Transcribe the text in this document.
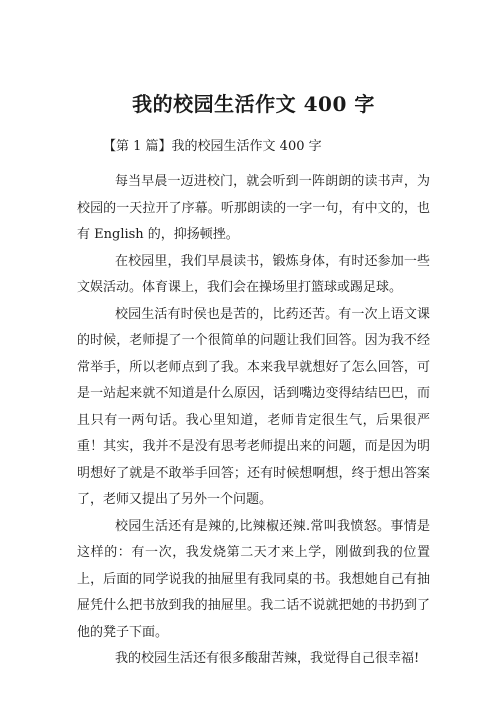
我的校园生活作文 400 字

【第 1 篇】我的校园生活作文 400 字

每当早晨一迈进校门，就会听到一阵朗朗的读书声，为校园的一天拉开了序幕。听那朗读的一字一句，有中文的，也有 English 的，抑扬顿挫。

在校园里，我们早晨读书，锻炼身体，有时还参加一些文娱活动。体育课上，我们会在操场里打篮球或踢足球。

校园生活有时侯也是苦的，比药还苦。有一次上语文课的时候，老师提了一个很简单的问题让我们回答。因为我不经常举手，所以老师点到了我。本来我早就想好了怎么回答，可是一站起来就不知道是什么原因，话到嘴边变得结结巴巴，而且只有一两句话。我心里知道，老师肯定很生气，后果很严重！其实，我并不是没有思考老师提出来的问题，而是因为明明想好了就是不敢举手回答；还有时候想啊想，终于想出答案了，老师又提出了另外一个问题。

校园生活还有是辣的,比辣椒还辣.常叫我愤怒。事情是这样的：有一次，我发烧第二天才来上学，刚做到我的位置上，后面的同学说我的抽屉里有我同桌的书。我想她自己有抽屉凭什么把书放到我的抽屉里。我二话不说就把她的书扔到了他的凳子下面。

我的校园生活还有很多酸甜苦辣，我觉得自己很幸福!
